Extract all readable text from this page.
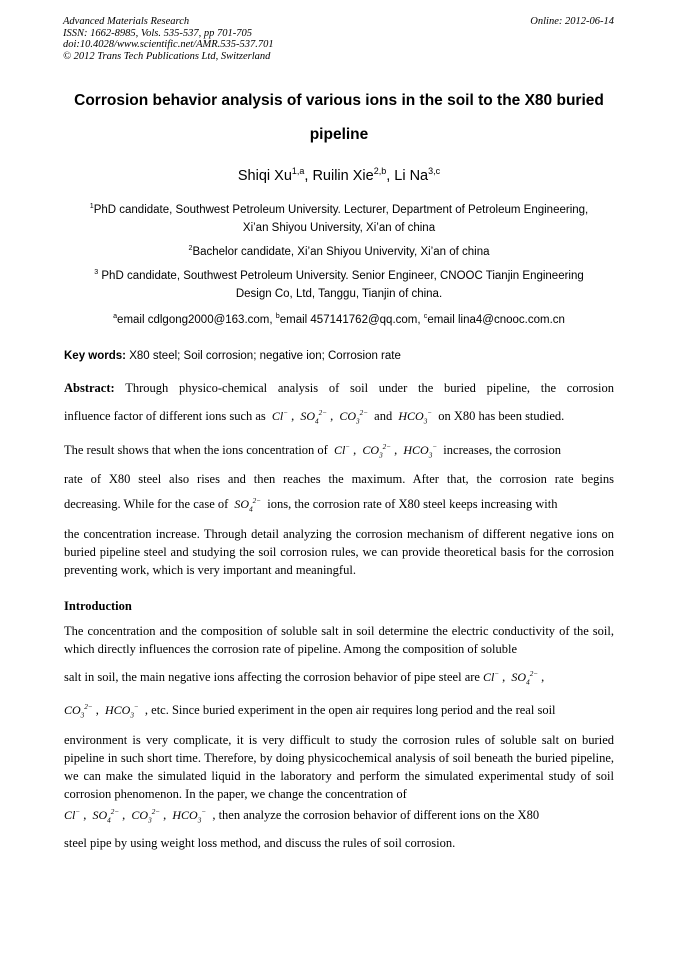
Advanced Materials Research
ISSN: 1662-8985, Vols. 535-537, pp 701-705
doi:10.4028/www.scientific.net/AMR.535-537.701
© 2012 Trans Tech Publications Ltd, Switzerland
Online: 2012-06-14
Corrosion behavior analysis of various ions in the soil to the X80 buried
pipeline
Shiqi Xu$^{1,a}$, Ruilin Xie$^{2,b}$, Li Na$^{3,c}$
$^1$PhD candidate, Southwest Petroleum University. Lecturer, Department of Petroleum Engineering,
Xi’an Shiyou University, Xi’an of china
$^2$Bachelor candidate, Xi’an Shiyou Univervity, Xi’an of china
$^3$ PhD candidate, Southwest Petroleum University. Senior Engineer, CNOOC Tianjin Engineering
Design Co, Ltd, Tanggu, Tianjin of china.
$^a$email cdlgong2000@163.com, $^b$email 457141762@qq.com, $^c$email lina4@cnooc.com.cn
Key words: X80 steel; Soil corrosion; negative ion; Corrosion rate
Abstract: Through physico-chemical analysis of soil under the buried pipeline, the corrosion
influence factor of different ions such as Cl− , $SO_4^{2-}$ , $CO_3^{2-}$ and $HCO_3^-$ on X80 has been studied.
The result shows that when the ions concentration of Cl− , $CO_3^{2-}$ , $HCO_3^-$ increases, the corrosion
rate of X80 steel also rises and then reaches the maximum. After that, the corrosion rate begins
decreasing. While for the case of $SO_4^{2-}$ ions, the corrosion rate of X80 steel keeps increasing with
the concentration increase. Through detail analyzing the corrosion mechanism of different negative ions on buried pipeline steel and studying the soil corrosion rules, we can provide theoretical basis for the corrosion preventing work, which is very important and meaningful.
Introduction
The concentration and the composition of soluble salt in soil determine the electric conductivity of the soil, which directly influences the corrosion rate of pipeline. Among the composition of soluble
salt in soil, the main negative ions affecting the corrosion behavior of pipe steel are Cl− , $SO_4^{2-}$ ,
$CO_3^{2-}$ , $HCO_3^-$ , etc. Since buried experiment in the open air requires long period and the real soil
environment is very complicate, it is very difficult to study the corrosion rules of soluble salt on buried pipeline in such short time. Therefore, by doing physicochemical analysis of soil beneath the buried pipeline, we can make the simulated liquid in the laboratory and perform the simulated experimental study of soil corrosion phenomenon. In the paper, we change the concentration of
Cl− , $SO_4^{2-}$ , $CO_3^{2-}$ , $HCO_3^-$ , then analyze the corrosion behavior of different ions on the X80
steel pipe by using weight loss method, and discuss the rules of soil corrosion.
